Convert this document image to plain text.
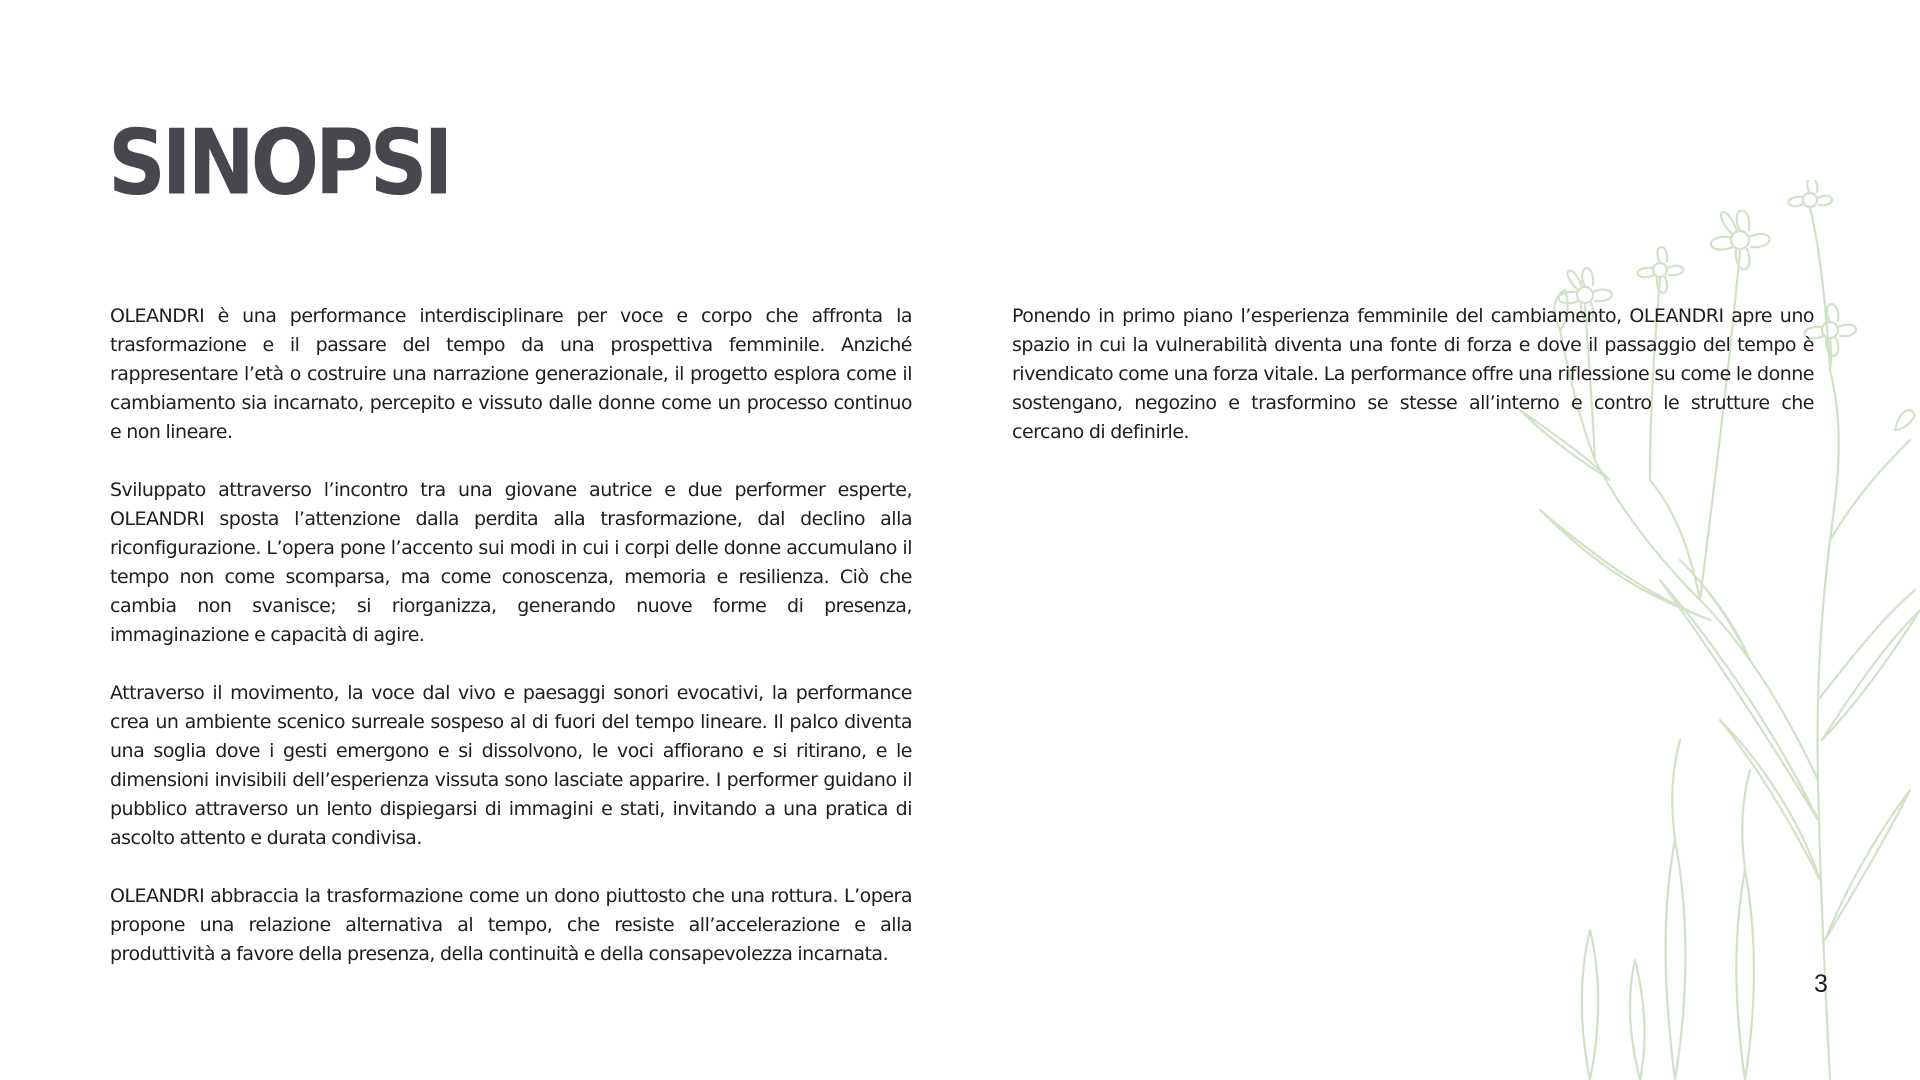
SINOPSI

OLEANDRI è una performance interdisciplinare per voce e corpo che affronta la trasformazione e il passare del tempo da una prospettiva femminile. Anziché rappresentare l’età o costruire una narrazione generazionale, il progetto esplora come il cambiamento sia incarnato, percepito e vissuto dalle donne come un processo continuo e non lineare.

Sviluppato attraverso l’incontro tra una giovane autrice e due performer esperte, OLEANDRI sposta l’attenzione dalla perdita alla trasformazione, dal declino alla riconfigurazione. L’opera pone l’accento sui modi in cui i corpi delle donne accumulano il tempo non come scomparsa, ma come conoscenza, memoria e resilienza. Ciò che cambia non svanisce; si riorganizza, generando nuove forme di presenza, immaginazione e capacità di agire.

Attraverso il movimento, la voce dal vivo e paesaggi sonori evocativi, la performance crea un ambiente scenico surreale sospeso al di fuori del tempo lineare. Il palco diventa una soglia dove i gesti emergono e si dissolvono, le voci affiorano e si ritirano, e le dimensioni invisibili dell’esperienza vissuta sono lasciate apparire. I performer guidano il pubblico attraverso un lento dispiegarsi di immagini e stati, invitando a una pratica di ascolto attento e durata condivisa.

OLEANDRI abbraccia la trasformazione come un dono piuttosto che una rottura. L’opera propone una relazione alternativa al tempo, che resiste all’accelerazione e alla produttività a favore della presenza, della continuità e della consapevolezza incarnata.

Ponendo in primo piano l’esperienza femminile del cambiamento, OLEANDRI apre uno spazio in cui la vulnerabilità diventa una fonte di forza e dove il passaggio del tempo è rivendicato come una forza vitale. La performance offre una riflessione su come le donne sostengano, negozino e trasformino se stesse all’interno e contro le strutture che cercano di definirle.

3
